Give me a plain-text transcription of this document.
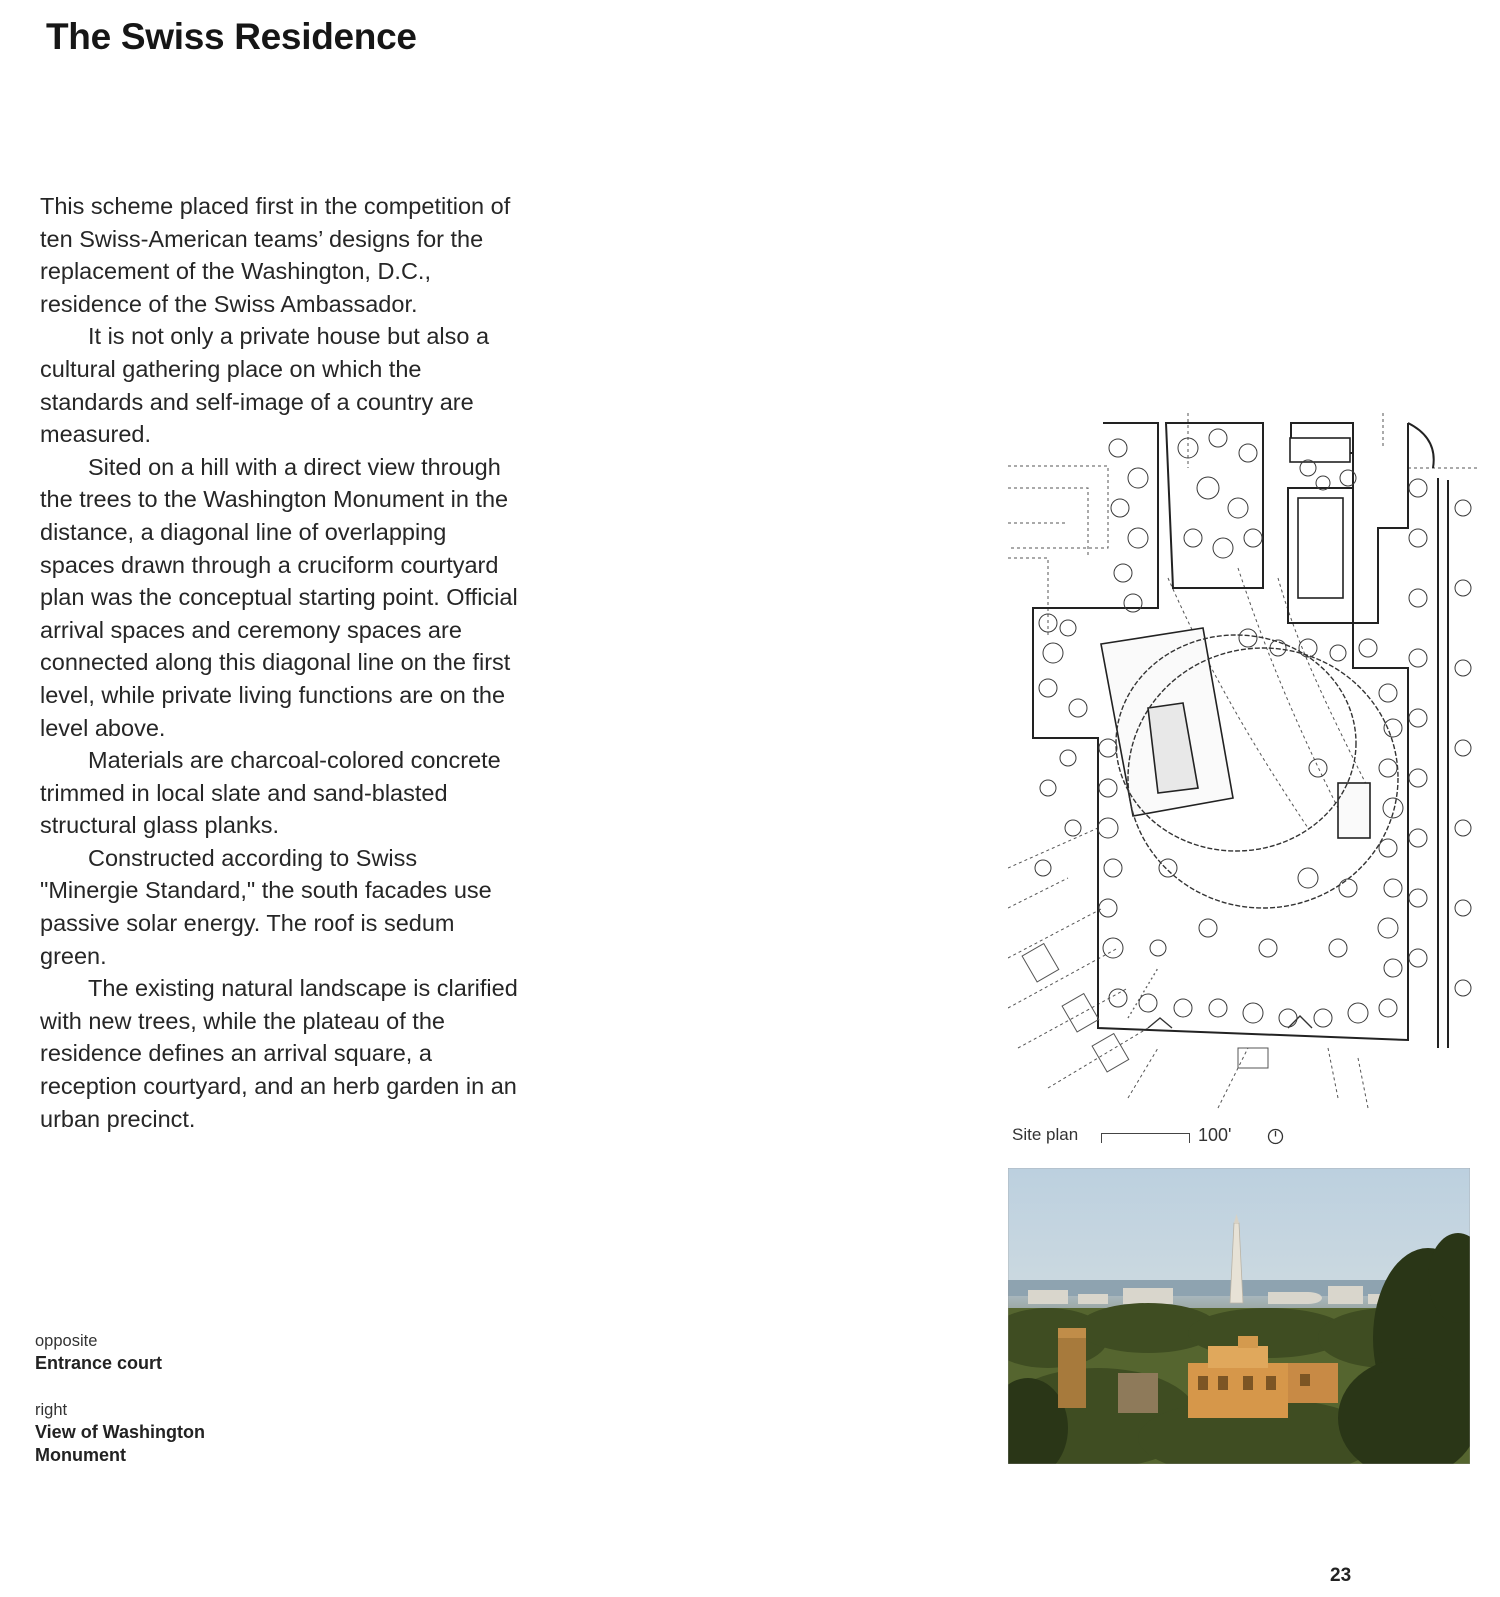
The Swiss Residence

This scheme placed first in the competition of ten Swiss-American teams’ designs for the replacement of the Washington, D.C., residence of the Swiss Ambassador.

It is not only a private house but also a cultural gathering place on which the standards and self-image of a country are measured.

Sited on a hill with a direct view through the trees to the Washington Monument in the distance, a diagonal line of overlapping spaces drawn through a cruciform courtyard plan was the conceptual starting point. Official arrival spaces and ceremony spaces are connected along this diagonal line on the first level, while private living functions are on the level above.

Materials are charcoal-colored concrete trimmed in local slate and sand-blasted structural glass planks.

Constructed according to Swiss "Minergie Standard," the south facades use passive solar energy. The roof is sedum green.

The existing natural landscape is clarified with new trees, while the plateau of the residence defines an arrival square, a reception courtyard, and an herb garden in an urban precinct.

opposite
Entrance court
right
View of Washington Monument
Site plan	100'
23
